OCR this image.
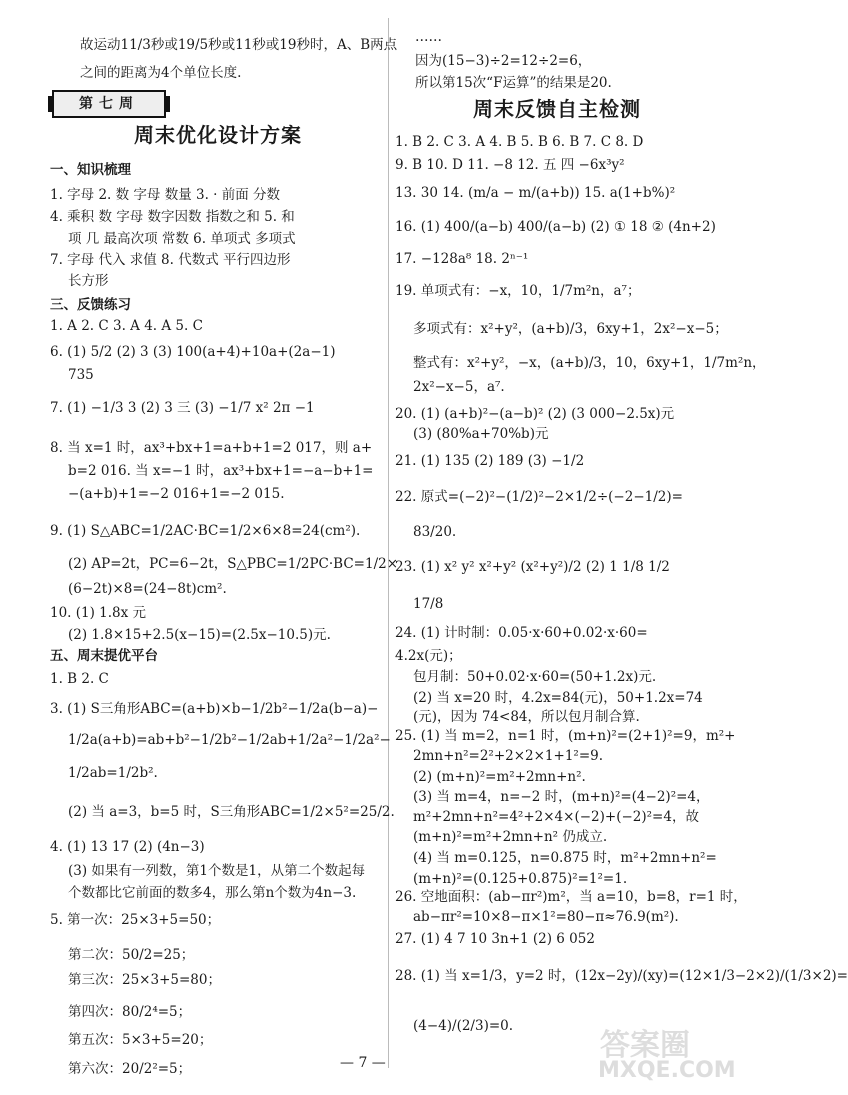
故运动11/3秒或19/5秒或11秒或19秒时，A、B两点
之间的距离为4个单位长度.
第七周
周末优化设计方案
一、知识梳理
1. 字母 2. 数 字母 数量 3. · 前面 分数
4. 乘积 数 字母 数字因数 指数之和 5. 和
项 几 最高次项 常数 6. 单项式 多项式
7. 字母 代入 求值 8. 代数式 平行四边形
长方形
三、反馈练习
1. A 2. C 3. A 4. A 5. C
6. (1) 5/2 (2) 3 (3) 100(a+4)+10a+(2a−1)
735
7. (1) −1/3 3 (2) 3 三 (3) −1/7 x² 2π −1
8. 当 x=1 时，ax³+bx+1=a+b+1=2 017，则 a+
b=2 016. 当 x=−1 时，ax³+bx+1=−a−b+1=
−(a+b)+1=−2 016+1=−2 015.
9. (1) S△ABC=1/2AC·BC=1/2×6×8=24(cm²).
(2) AP=2t，PC=6−2t，S△PBC=1/2PC·BC=1/2×
(6−2t)×8=(24−8t)cm².
10. (1) 1.8x 元
(2) 1.8×15+2.5(x−15)=(2.5x−10.5)元.
五、周末提优平台
1. B 2. C
3. (1) S三角形ABC=(a+b)×b−1/2b²−1/2a(b−a)−
1/2a(a+b)=ab+b²−1/2b²−1/2ab+1/2a²−1/2a²−
1/2ab=1/2b².
(2) 当 a=3，b=5 时，S三角形ABC=1/2×5²=25/2.
4. (1) 13 17 (2) (4n−3)
(3) 如果有一列数，第1个数是1，从第二个数起每
个数都比它前面的数多4，那么第n个数为4n−3.
5. 第一次：25×3+5=50；
第二次：50/2=25；
第三次：25×3+5=80；
第四次：80/2⁴=5；
第五次：5×3+5=20；
第六次：20/2²=5；
……
因为(15−3)÷2=12÷2=6，
所以第15次“F运算”的结果是20.
周末反馈自主检测
1. B 2. C 3. A 4. B 5. B 6. B 7. C 8. D
9. B 10. D 11. −8 12. 五 四 −6x³y²
13. 30 14. (m/a − m/(a+b)) 15. a(1+b%)²
16. (1) 400/(a−b) 400/(a−b) (2) ① 18 ② (4n+2)
17. −128a⁸ 18. 2ⁿ⁻¹
19. 单项式有：−x，10，1/7m²n，a⁷；
多项式有：x²+y²，(a+b)/3，6xy+1，2x²−x−5；
整式有：x²+y²，−x，(a+b)/3，10，6xy+1，1/7m²n，
2x²−x−5，a⁷.
20. (1) (a+b)²−(a−b)² (2) (3 000−2.5x)元
(3) (80%a+70%b)元
21. (1) 135 (2) 189 (3) −1/2
22. 原式=(−2)²−(1/2)²−2×1/2÷(−2−1/2)=
83/20.
23. (1) x² y² x²+y² (x²+y²)/2 (2) 1 1/8 1/2
17/8
24. (1) 计时制：0.05·x·60+0.02·x·60=
4.2x(元)；
包月制：50+0.02·x·60=(50+1.2x)元.
(2) 当 x=20 时，4.2x=84(元)，50+1.2x=74
(元)，因为 74<84，所以包月制合算.
25. (1) 当 m=2，n=1 时，(m+n)²=(2+1)²=9，m²+
2mn+n²=2²+2×2×1+1²=9.
(2) (m+n)²=m²+2mn+n².
(3) 当 m=4，n=−2 时，(m+n)²=(4−2)²=4，
m²+2mn+n²=4²+2×4×(−2)+(−2)²=4，故
(m+n)²=m²+2mn+n² 仍成立.
(4) 当 m=0.125，n=0.875 时，m²+2mn+n²=
(m+n)²=(0.125+0.875)²=1²=1.
26. 空地面积：(ab−πr²)m²，当 a=10，b=8，r=1 时，
ab−πr²=10×8−π×1²=80−π≈76.9(m²).
27. (1) 4 7 10 3n+1 (2) 6 052
28. (1) 当 x=1/3，y=2 时，(12x−2y)/(xy)=(12×1/3−2×2)/(1/3×2)=
(4−4)/(2/3)=0.
— 7 —	答案圈
MXQE.COM
